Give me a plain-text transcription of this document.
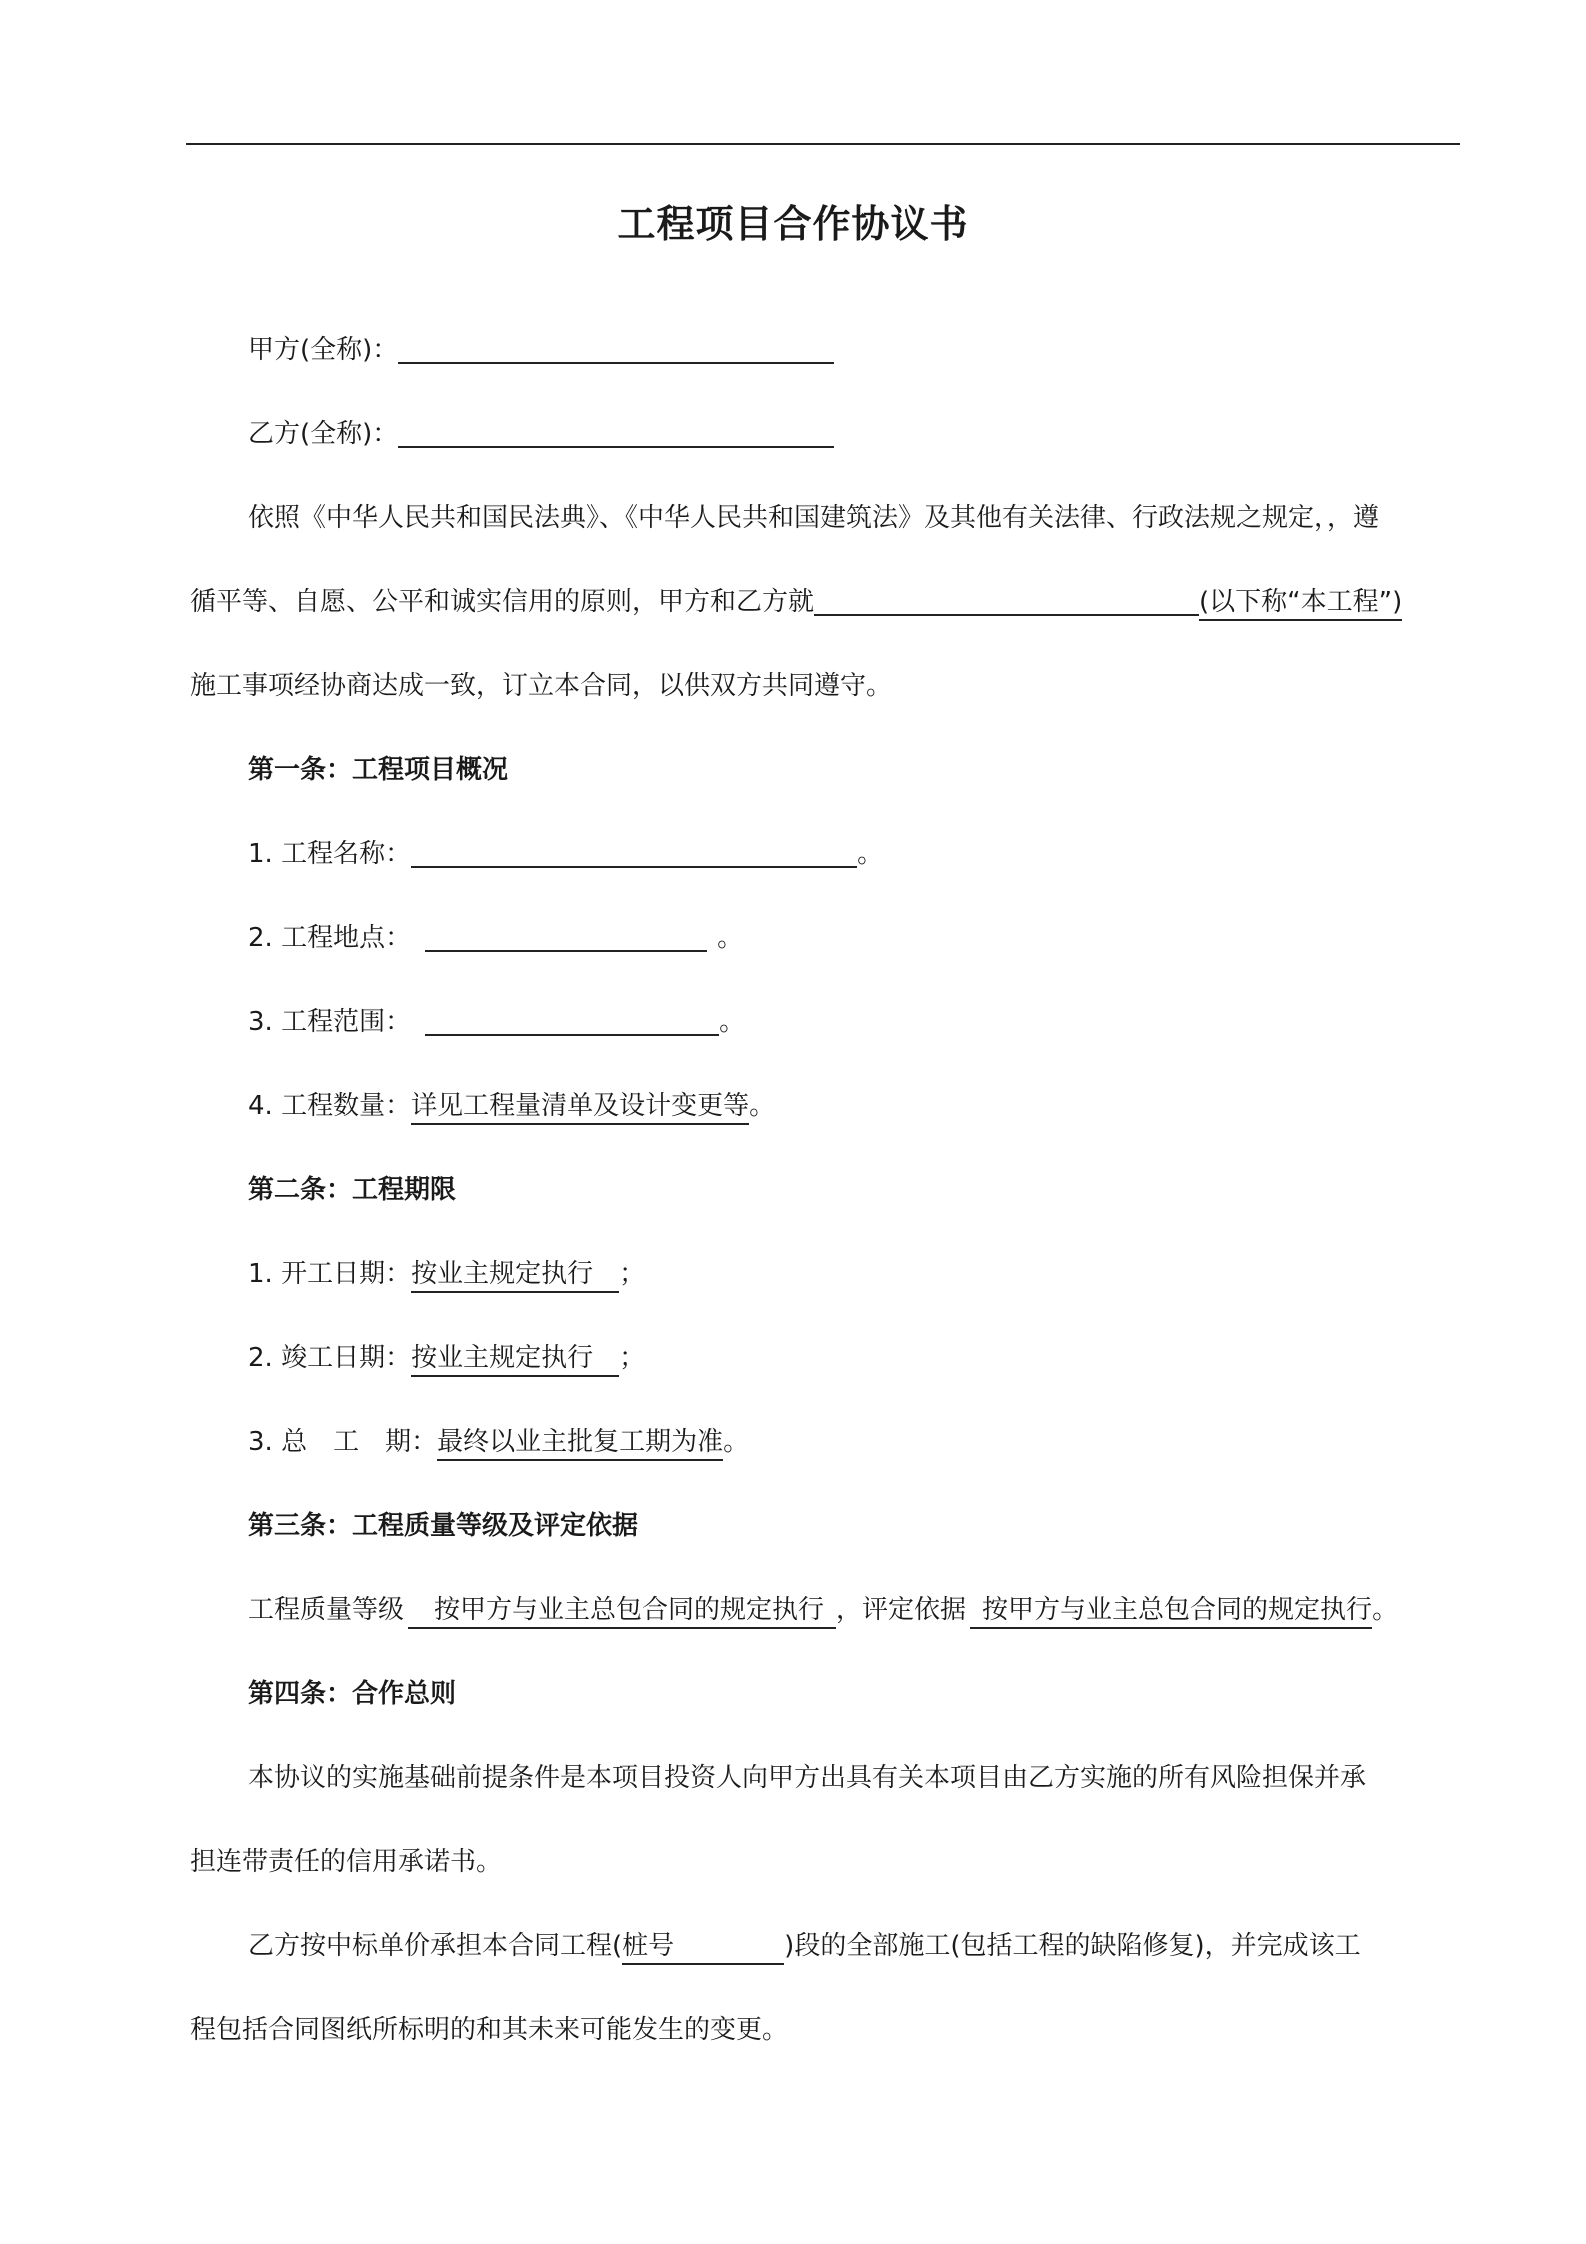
工程项目合作协议书
甲方(全称)：
乙方(全称)：
依照《中华人民共和国民法典》、《中华人民共和国建筑法》及其他有关法律、行政法规之规定，，遵
循平等、自愿、公平和诚实信用的原则，甲方和乙方就	(以下称“本工程”)
施工事项经协商达成一致，订立本合同，以供双方共同遵守。
第一条：工程项目概况
1. 工程名称：	。
2. 工程地点：	。
3. 工程范围：	。
4. 工程数量：详见工程量清单及设计变更等。
第二条：工程期限
1. 开工日期：按业主规定执行 ；
2. 竣工日期：按业主规定执行 ；
3. 总　工　期：最终以业主批复工期为准。
第三条：工程质量等级及评定依据
工程质量等级 按甲方与业主总包合同的规定执行 ，评定依据 按甲方与业主总包合同的规定执行。
第四条：合作总则
本协议的实施基础前提条件是本项目投资人向甲方出具有关本项目由乙方实施的所有风险担保并承
担连带责任的信用承诺书。
乙方按中标单价承担本合同工程(桩号	)段的全部施工(包括工程的缺陷修复)，并完成该工
程包括合同图纸所标明的和其未来可能发生的变更。
